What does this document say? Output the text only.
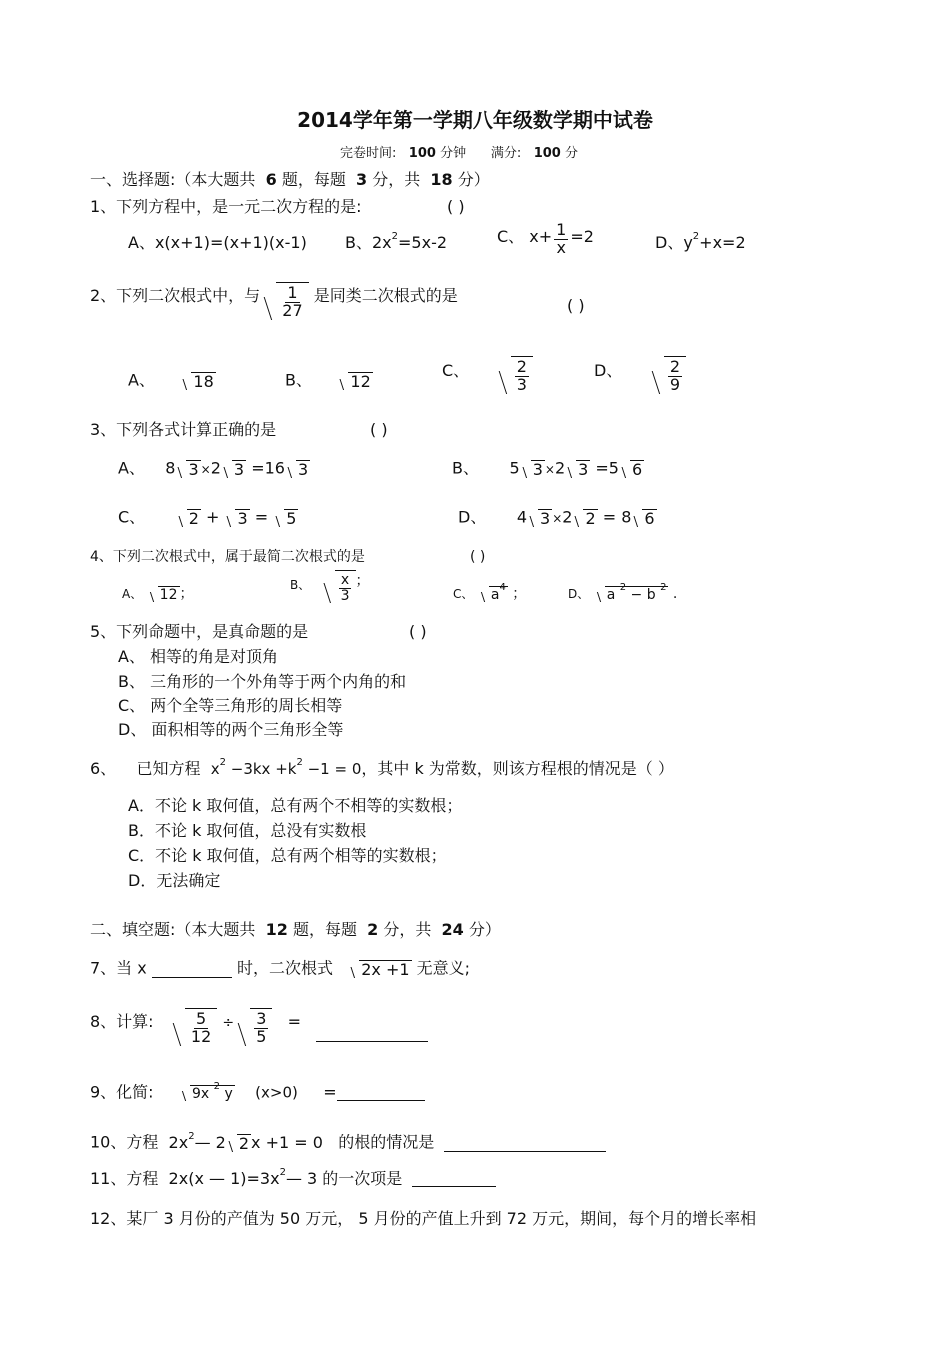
2014学年第一学期八年级数学期中试卷
完卷时间: 100 分钟 满分: 100 分
一、选择题:（本大题共 6 题，每题 3 分，共 18 分）
1、下列方程中，是一元二次方程的是:	( )
A、x(x+1)=(x+1)(x-1) B、$2x^2=5x-2$	C、 $x+ \frac{1}{x} =2$	D、$y^2+x=2$
2、下列二次根式中，与 $\frac{1}{27}$ 是同类二次根式的是
( )
A、 18	B、 12
C、	$\frac{2}{3}$	D、	$\frac{2}{9}$
3、下列各式计算正确的是	( )
A、    8 3 ×2 3 =16 3	B、      5 3 ×2 3 =5 6
C、	2 + 3 = 5	D、      4 3 ×2 2 = 8 6
4、下列二次根式中，属于最简二次根式的是	( )
A、 12 ；
B、 $\frac{x}{3}$ ；
C、 $a^4$ ；	D、 a $^2$ − b $^2$ .
5、下列命题中，是真命题的是	( )
A、 相等的角是对顶角
B、 三角形的一个外角等于两个内角的和
C、 两个全等三角形的周长相等
D、 面积相等的两个三角形全等
6、 已知方程 $x^2 -3kx +k^2 -1 = 0$，其中 k 为常数，则该方程根的情况是（ ）
A．不论 k 取何值，总有两个不相等的实数根；
B．不论 k 取何值，总没有实数根
C．不论 k 取何值，总有两个相等的实数根；
D．无法确定
二、填空题:（本大题共 12 题，每题 2 分，共 24 分）
7、当 x	时，二次根式 2x +1 无意义;
8、计算: $\frac{5}{12} \div \frac{3}{5}$ =
9、化简:	9x $^2$ y (x>0) =
10、方程 $2x^2—$ 2 2 x +1 = 0 的根的情况是
11、方程 2x(x — $1)=3x^2—$ 3 的一次项是
12、某厂 3 月份的产值为 50 万元， 5 月份的产值上升到 72 万元，期间，每个月的增长率相
